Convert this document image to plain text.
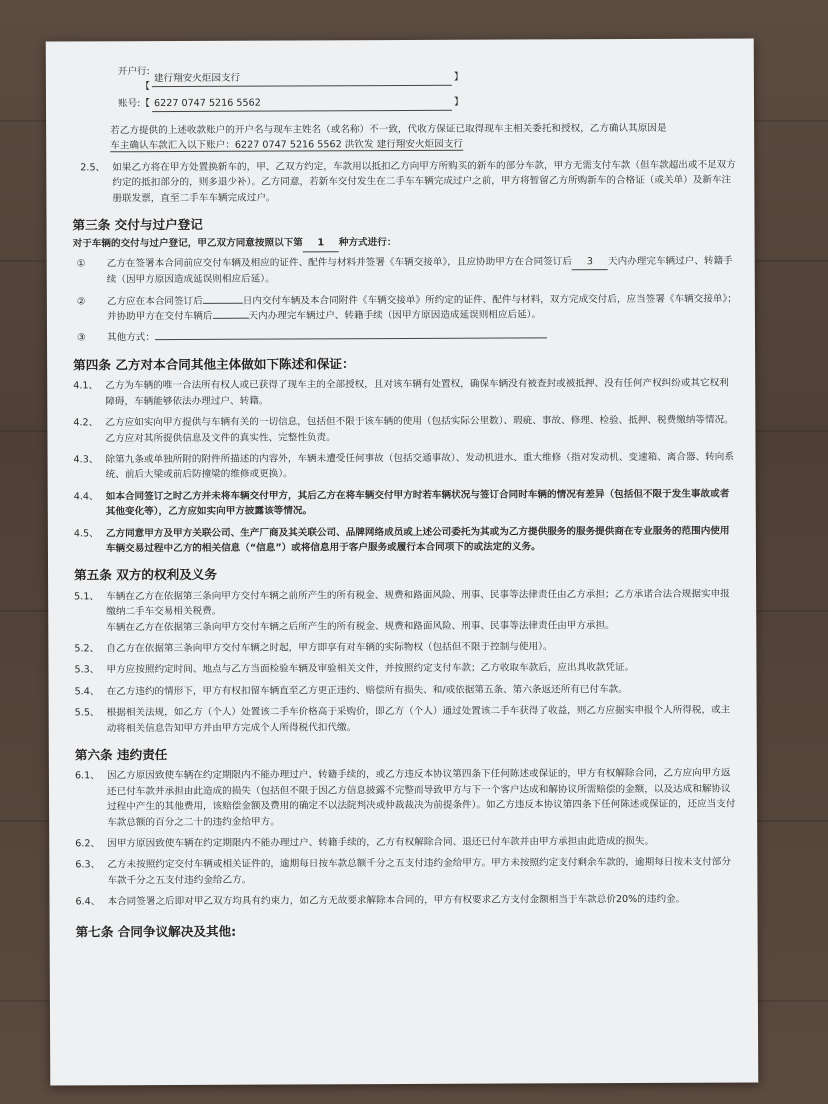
开户行:【
建行翔安火炬园支行	】
账号:【 6227 0747 5216 5562	】

若乙方提供的上述收款账户的开户名与现车主姓名（或名称）不一致，代收方保证已取得现车主相关委托和授权，乙方确认其原因是

车主确认车款汇入以下账户：6227 0747 5216 5562 洪钦发 建行翔安火炬园支行

2.5、 如果乙方将在甲方处置换新车的，甲、乙双方约定，车款用以抵扣乙方向甲方所购买的新车的部分车款，甲方无需支付车款（但车款超出或不足双方约定的抵扣部分的，则多退少补）。乙方同意，若新车交付发生在二手车车辆完成过户之前，甲方将暂留乙方所购新车的合格证（或关单）及新车注册联发票，直至二手车车辆完成过户。
第三条 交付与过户登记

对于车辆的交付与过户登记，甲乙双方同意按照以下第 1 种方式进行：

①	乙方在签署本合同前应交付车辆及相应的证件、配件与材料并签署《车辆交接单》，且应协助甲方在合同签订后 3 天内办理完车辆过户、转籍手续（因甲方原因造成延误则相应后延）。
②	乙方应在本合同签订后	日内交付车辆及本合同附件《车辆交接单》所约定的证件、配件与材料，双方完成交付后，应当签署《车辆交接单》；并协助甲方在交付车辆后	天内办理完车辆过户、转籍手续（因甲方原因造成延误则相应后延）。
③	其他方式：
第四条 乙方对本合同其他主体做如下陈述和保证：
4.1、 乙方为车辆的唯一合法所有权人或已获得了现车主的全部授权，且对该车辆有处置权，确保车辆没有被查封或被抵押、没有任何产权纠纷或其它权利障碍，车辆能够依法办理过户、转籍。
4.2、 乙方应如实向甲方提供与车辆有关的一切信息，包括但不限于该车辆的使用（包括实际公里数）、瑕疵、事故、修理、检验、抵押、税费缴纳等情况。乙方应对其所提供信息及文件的真实性、完整性负责。
4.3、 除第九条或单独所附的附件所描述的内容外，车辆未遭受任何事故（包括交通事故）、发动机进水、重大维修（指对发动机、变速箱、离合器、转向系统、前后大梁或前后防撞梁的维修或更换）。
4.4、 如本合同签订之时乙方并未将车辆交付甲方，其后乙方在将车辆交付甲方时若车辆状况与签订合同时车辆的情况有差异（包括但不限于发生事故或者其他变化等），乙方应如实向甲方披露该等情况。
4.5、 乙方同意甲方及甲方关联公司、生产厂商及其关联公司、品牌网络成员或上述公司委托为其或为乙方提供服务的服务提供商在专业服务的范围内使用车辆交易过程中乙方的相关信息（“信息”）或将信息用于客户服务或履行本合同项下的或法定的义务。
第五条 双方的权利及义务
5.1、 车辆在乙方在依据第三条向甲方交付车辆之前所产生的所有税金、规费和路面风险、刑事、民事等法律责任由乙方承担；乙方承诺合法合规据实申报缴纳二手车交易相关税费。
车辆在乙方在依据第三条向甲方交付车辆之后所产生的所有税金、规费和路面风险、刑事、民事等法律责任由甲方承担。
5.2、 自乙方在依据第三条向甲方交付车辆之时起，甲方即享有对车辆的实际物权（包括但不限于控制与使用）。
5.3、 甲方应按照约定时间、地点与乙方当面检验车辆及审验相关文件，并按照约定支付车款；乙方收取车款后，应出具收款凭证。
5.4、 在乙方违约的情形下，甲方有权扣留车辆直至乙方更正违约、赔偿所有损失、和/或依据第五条、第六条返还所有已付车款。
5.5、 根据相关法规，如乙方（个人）处置该二手车价格高于采购价，即乙方（个人）通过处置该二手车获得了收益，则乙方应据实申报个人所得税，或主动将相关信息告知甲方并由甲方完成个人所得税代扣代缴。
第六条 违约责任
6.1、 因乙方原因致使车辆在约定期限内不能办理过户、转籍手续的，或乙方违反本协议第四条下任何陈述或保证的，甲方有权解除合同，乙方应向甲方返还已付车款并承担由此造成的损失（包括但不限于因乙方信息披露不完整而导致甲方与下一个客户达成和解协议所需赔偿的金额，以及达成和解协议过程中产生的其他费用，该赔偿金额及费用的确定不以法院判决或仲裁裁决为前提条件）。如乙方违反本协议第四条下任何陈述或保证的，还应当支付车款总额的百分之二十的违约金给甲方。
6.2、 因甲方原因致使车辆在约定期限内不能办理过户、转籍手续的，乙方有权解除合同、退还已付车款并由甲方承担由此造成的损失。
6.3、 乙方未按照约定交付车辆或相关证件的，逾期每日按车款总额千分之五支付违约金给甲方。甲方未按照约定支付剩余车款的，逾期每日按未支付部分车款千分之五支付违约金给乙方。
6.4、 本合同签署之后即对甲乙双方均具有约束力，如乙方无故要求解除本合同的，甲方有权要求乙方支付金额相当于车款总价20%的违约金。
第七条 合同争议解决及其他:
